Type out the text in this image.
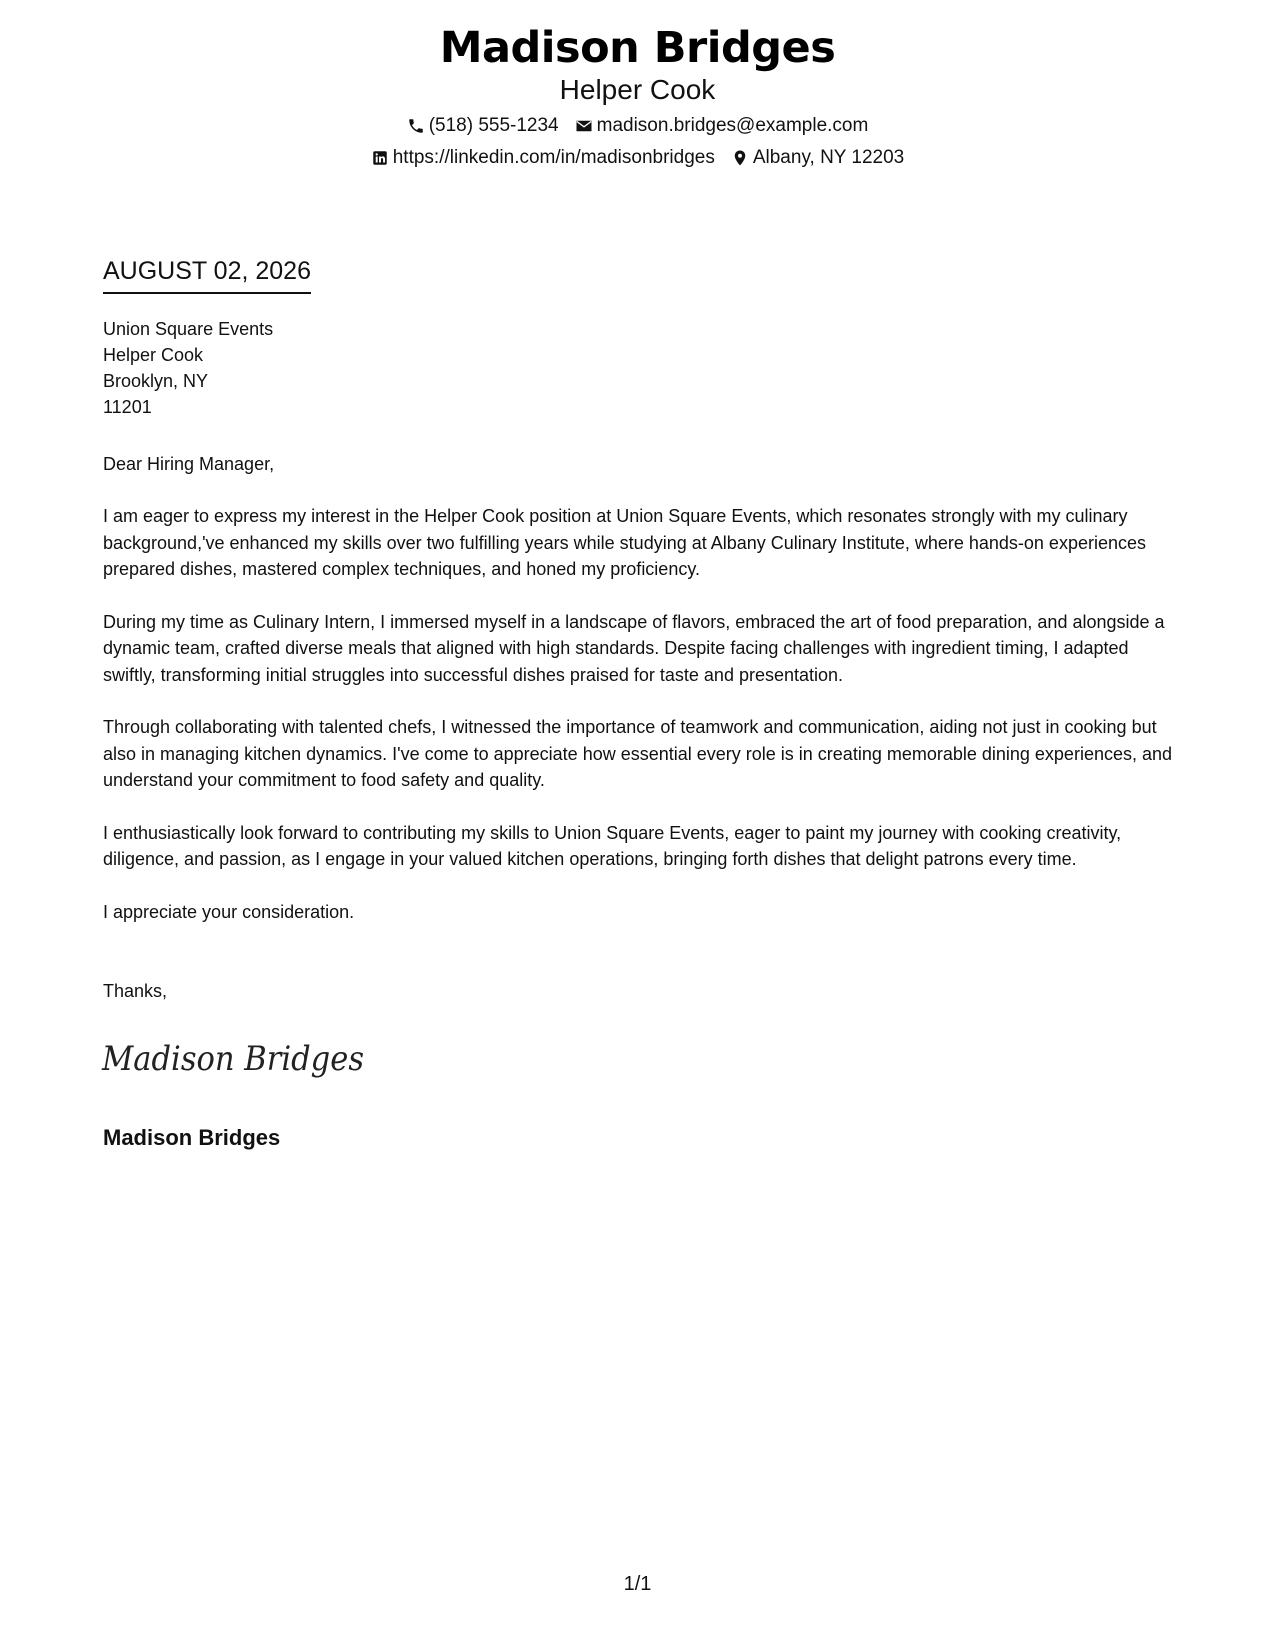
Madison Bridges
Helper Cook
(518) 555-1234 madison.bridges@example.com
https://linkedin.com/in/madisonbridges Albany, NY 12203
AUGUST 02, 2026
Union Square Events
Helper Cook
Brooklyn, NY
11201
Dear Hiring Manager,

I am eager to express my interest in the Helper Cook position at Union Square Events, which resonates strongly with my culinary background,'ve enhanced my skills over two fulfilling years while studying at Albany Culinary Institute, where hands-on experiences prepared dishes, mastered complex techniques, and honed my proficiency.

During my time as Culinary Intern, I immersed myself in a landscape of flavors, embraced the art of food preparation, and alongside a dynamic team, crafted diverse meals that aligned with high standards. Despite facing challenges with ingredient timing, I adapted swiftly, transforming initial struggles into successful dishes praised for taste and presentation.

Through collaborating with talented chefs, I witnessed the importance of teamwork and communication, aiding not just in cooking but also in managing kitchen dynamics. I've come to appreciate how essential every role is in creating memorable dining experiences, and understand your commitment to food safety and quality.

I enthusiastically look forward to contributing my skills to Union Square Events, eager to paint my journey with cooking creativity, diligence, and passion, as I engage in your valued kitchen operations, bringing forth dishes that delight patrons every time.

I appreciate your consideration.

Thanks,
Madison Bridges
Madison Bridges
1/1
